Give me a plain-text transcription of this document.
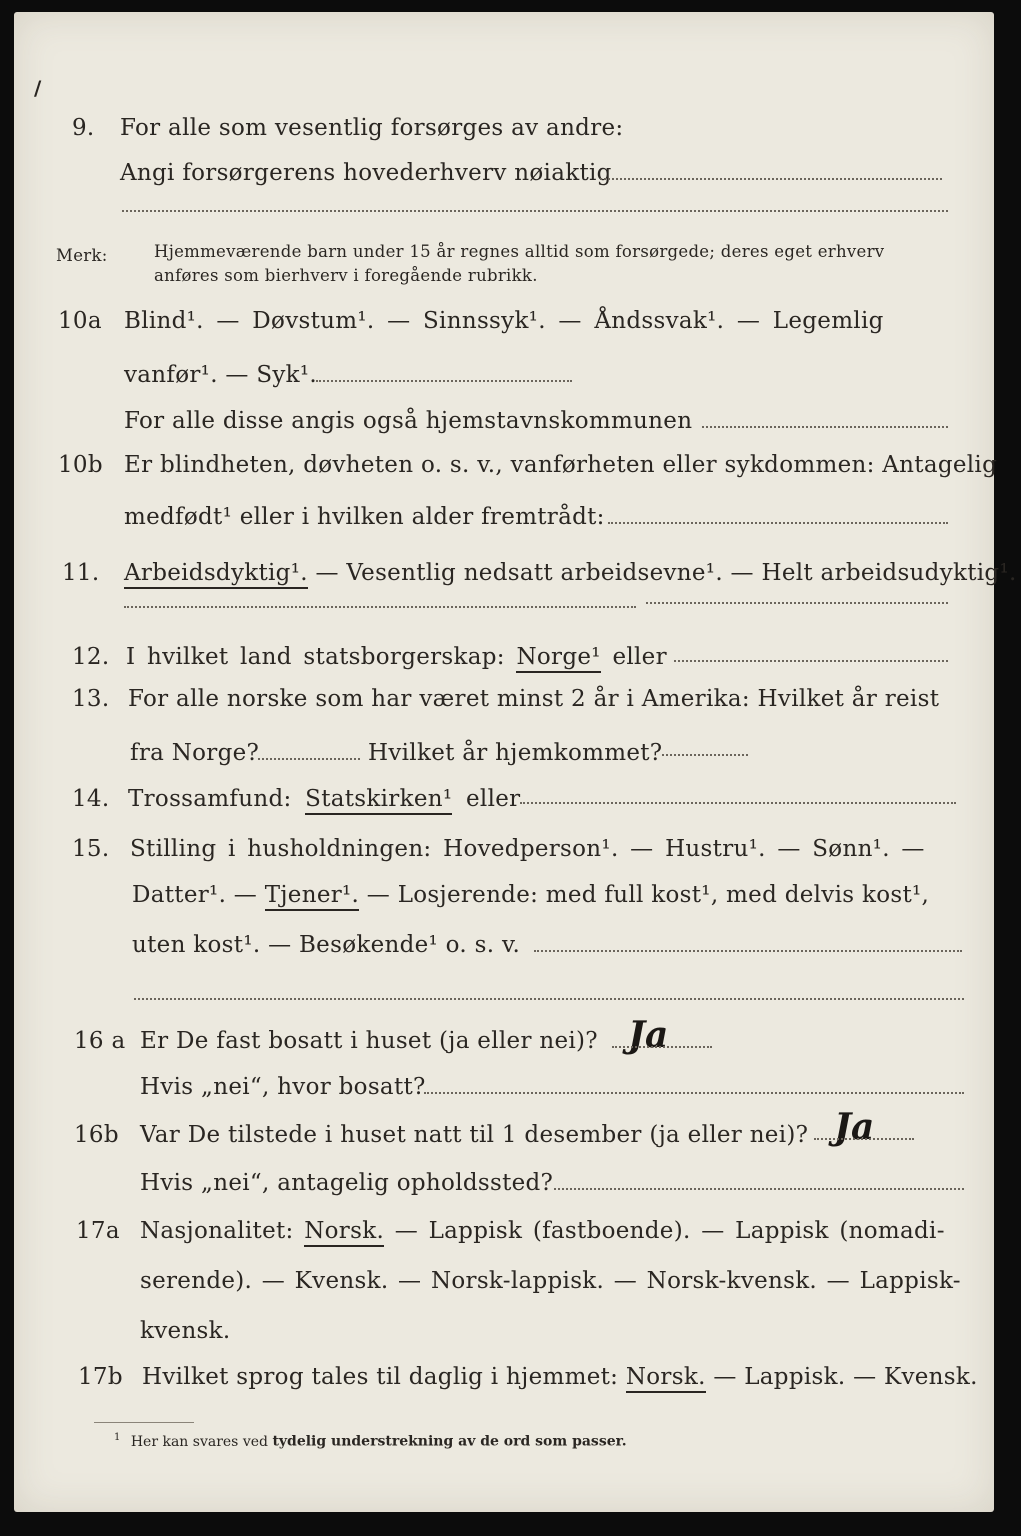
/
9. For alle som vesentlig forsørges av andre:
Angi forsørgerens hovederhverv nøiaktig
Merk:	Hjemmeværende barn under 15 år regnes alltid som forsørgede; deres eget erhverv
anføres som bierhverv i foregående rubrikk.
10a Blind¹. — Døvstum¹. — Sinnssyk¹. — Åndssvak¹. — Legemlig
vanfør¹. — Syk¹.
For alle disse angis også hjemstavnskommunen
10b Er blindheten, døvheten o. s. v., vanførheten eller sykdommen: Antagelig
medfødt¹ eller i hvilken alder fremtrådt:
11. Arbeidsdyktig¹. — Vesentlig nedsatt arbeidsevne¹. — Helt arbeidsudyktig¹.
12. I hvilket land statsborgerskap: Norge¹ eller
13. For alle norske som har været minst 2 år i Amerika: Hvilket år reist
fra Norge?	Hvilket år hjemkommet?
14. Trossamfund: Statskirken¹ eller
15. Stilling i husholdningen: Hovedperson¹. — Hustru¹. — Sønn¹. —
Datter¹. — Tjener¹. — Losjerende: med full kost¹, med delvis kost¹,
uten kost¹. — Besøkende¹ o. s. v.
16 a Er De fast bosatt i huset (ja eller nei)? Ja
Hvis „nei“, hvor bosatt?
16b Var De tilstede i huset natt til 1 desember (ja eller nei)? Ja
Hvis „nei“, antagelig opholdssted?
17a Nasjonalitet: Norsk. — Lappisk (fastboende). — Lappisk (nomadi-
serende). — Kvensk. — Norsk-lappisk. — Norsk-kvensk. — Lappisk-
kvensk.
17b Hvilket sprog tales til daglig i hjemmet: Norsk. — Lappisk. — Kvensk.
$^1$ Her kan svares ved tydelig understrekning av de ord som passer.
